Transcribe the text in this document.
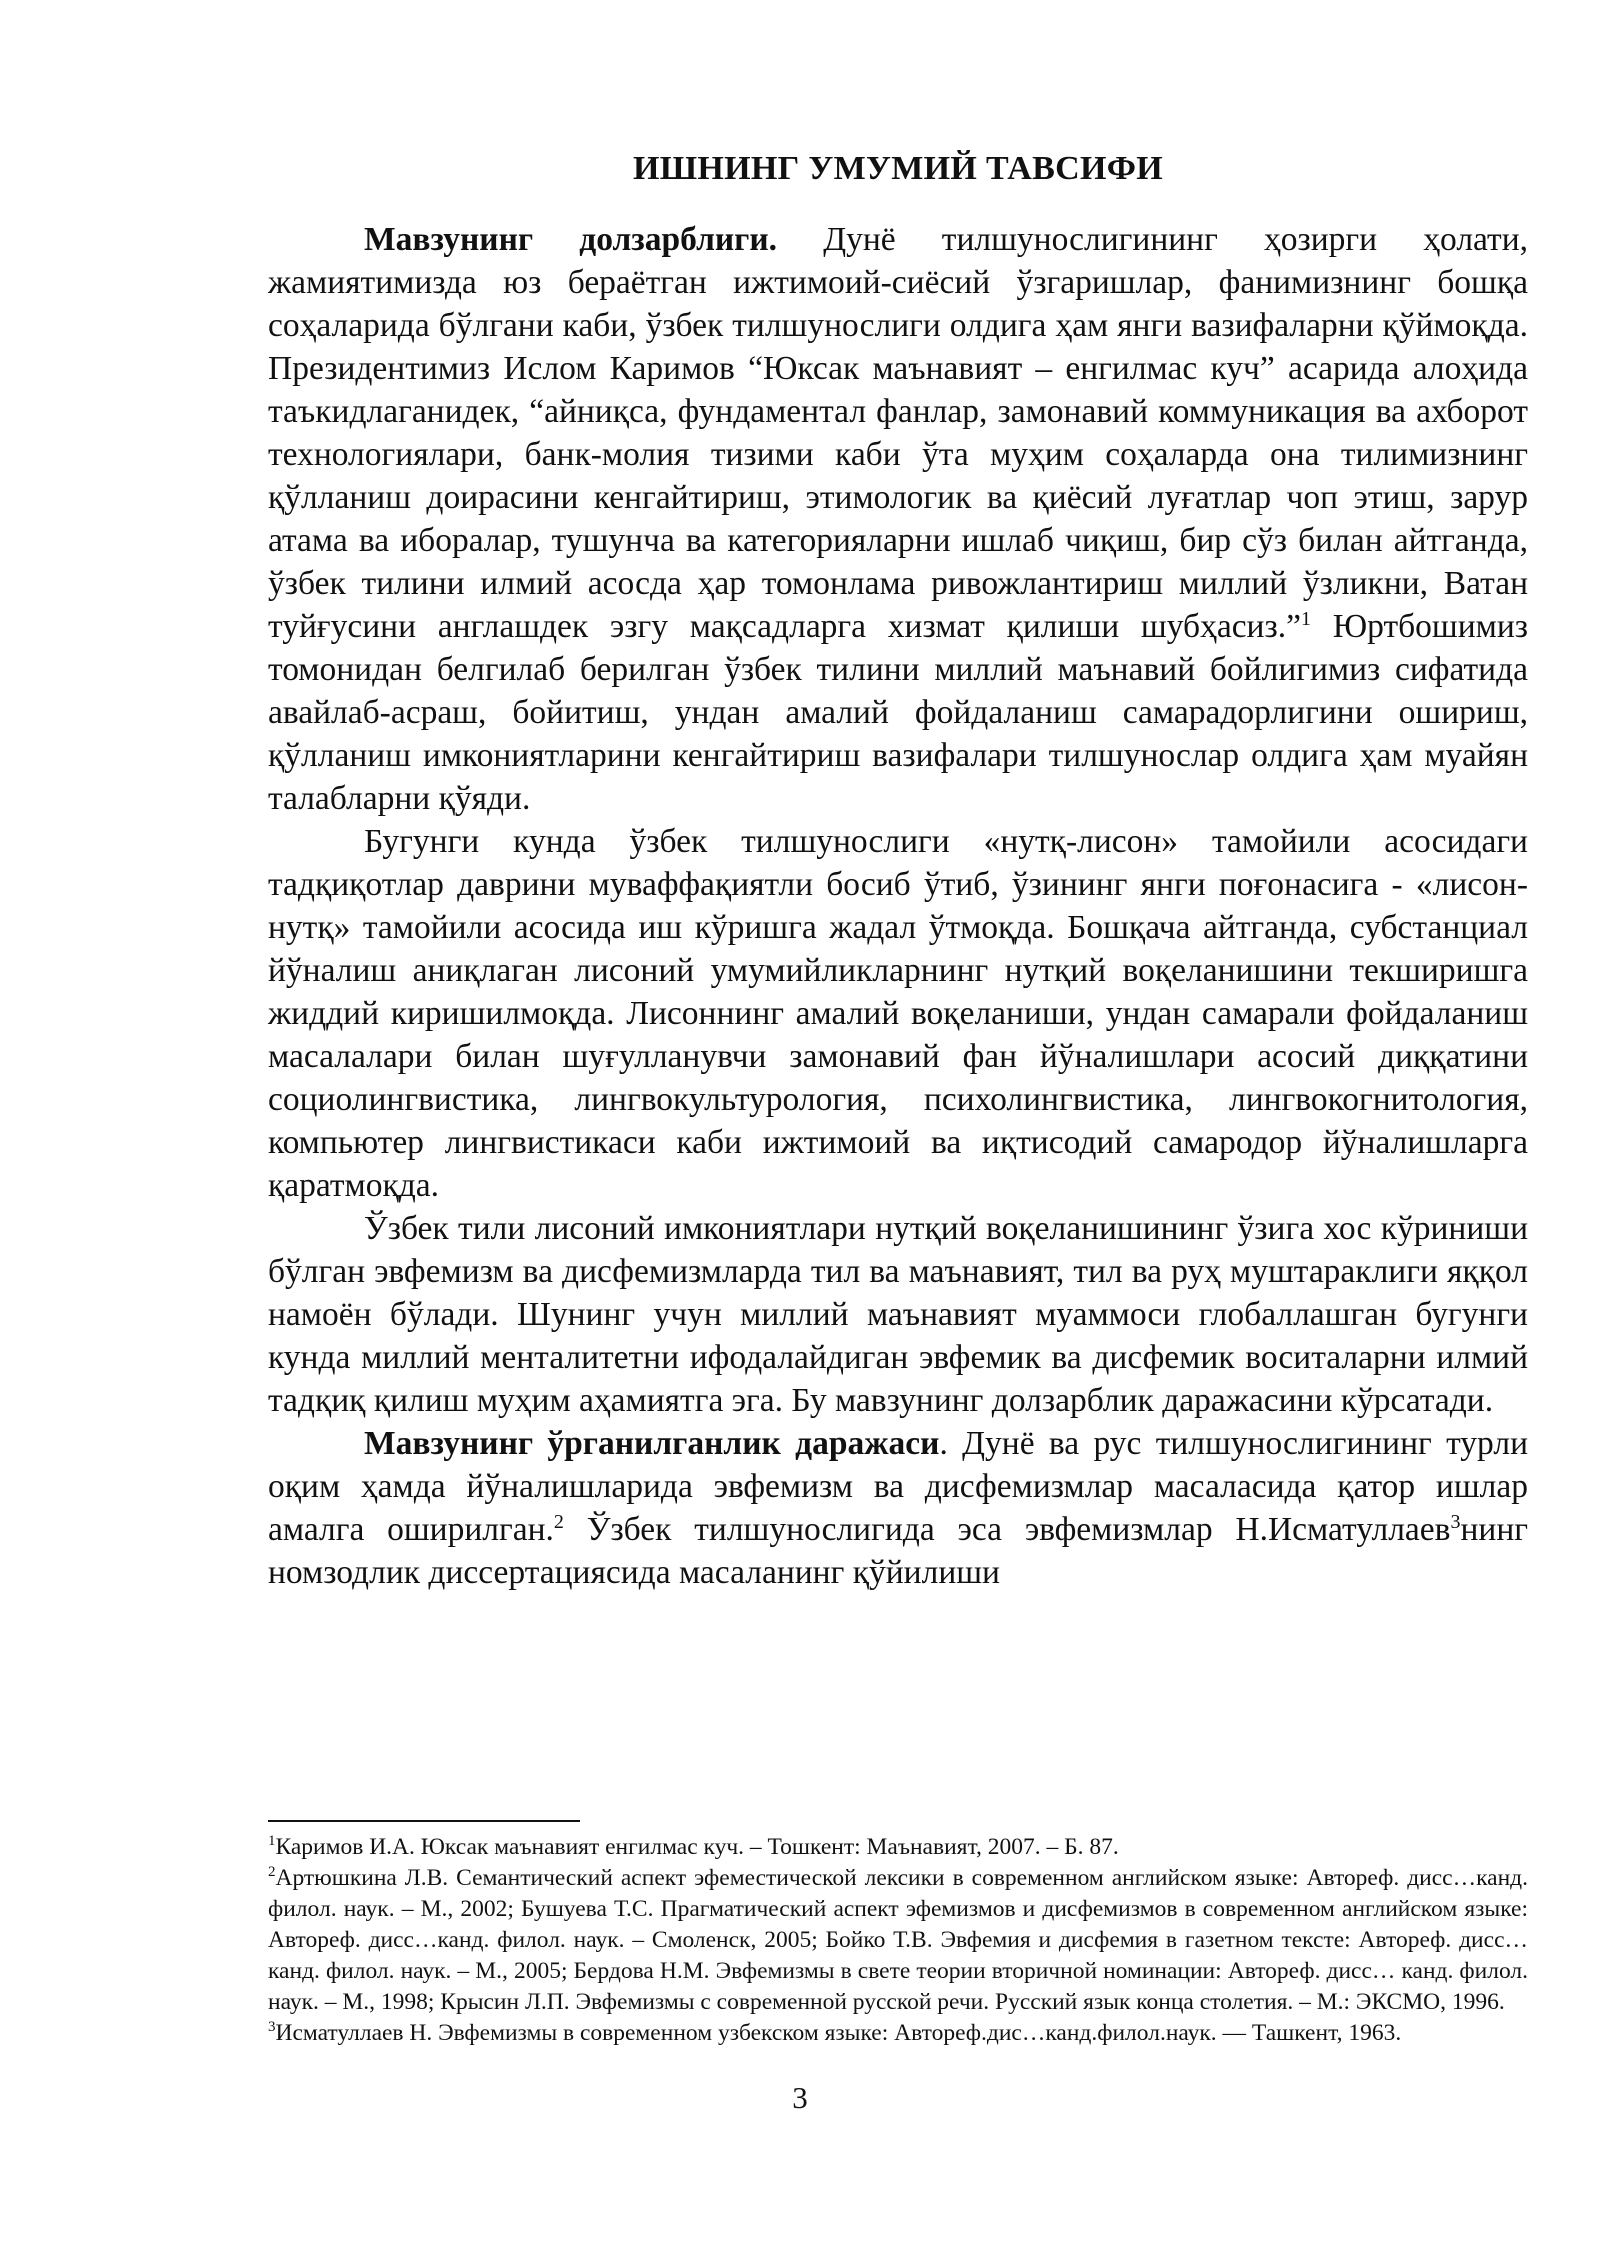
ИШНИНГ УМУМИЙ ТАВСИФИ

Мавзунинг долзарблиги. Дунё тилшунослигининг ҳозирги ҳолати, жамиятимизда юз бераётган ижтимоий-сиёсий ўзгаришлар, фанимизнинг бошқа соҳаларида бўлгани каби, ўзбек тилшунослиги олдига ҳам янги вазифаларни қўймоқда. Президентимиз Ислом Каримов “Юксак маънавият – енгилмас куч” асарида алоҳида таъкидлаганидек, “айниқса, фундаментал фанлар, замонавий коммуникация ва ахборот технологиялари, банк-молия тизими каби ўта муҳим соҳаларда она тилимизнинг қўлланиш доирасини кенгайтириш, этимологик ва қиёсий луғатлар чоп этиш, зарур атама ва иборалар, тушунча ва категорияларни ишлаб чиқиш, бир сўз билан айтганда, ўзбек тилини илмий асосда ҳар томонлама ривожлантириш миллий ўзликни, Ватан туйғусини англашдек эзгу мақсадларга хизмат қилиши шубҳасиз.”$^1$ Юртбошимиз томонидан белгилаб берилган ўзбек тилини миллий маънавий бойлигимиз сифатида авайлаб-асраш, бойитиш, ундан амалий фойдаланиш самарадорлигини ошириш, қўлланиш имкониятларини кенгайтириш вазифалари тилшунослар олдига ҳам муайян талабларни қўяди.

Бугунги кунда ўзбек тилшунослиги «нутқ-лисон» тамойили асосидаги тадқиқотлар даврини муваффақиятли босиб ўтиб, ўзининг янги поғонасига - «лисон-нутқ» тамойили асосида иш кўришга жадал ўтмоқда. Бошқача айтганда, субстанциал йўналиш аниқлаган лисоний умумийликларнинг нутқий воқеланишини текширишга жиддий киришилмоқда. Лисоннинг амалий воқеланиши, ундан самарали фойдаланиш масалалари билан шуғулланувчи замонавий фан йўналишлари асосий диққатини социолингвистика, лингвокультурология, психолингвистика, лингвокогнитология, компьютер лингвистикаси каби ижтимоий ва иқтисодий самародор йўналишларга қаратмоқда.

Ўзбек тили лисоний имкониятлари нутқий воқеланишининг ўзига хос кўриниши бўлган эвфемизм ва дисфемизмларда тил ва маънавият, тил ва руҳ муштараклиги яққол намоён бўлади. Шунинг учун миллий маънавият муаммоси глобаллашган бугунги кунда миллий менталитетни ифодалайдиган эвфемик ва дисфемик воситаларни илмий тадқиқ қилиш муҳим аҳамиятга эга. Бу мавзунинг долзарблик даражасини кўрсатади.

Мавзунинг ўрганилганлик даражаси. Дунё ва рус тилшунослигининг турли оқим ҳамда йўналишларида эвфемизм ва дисфемизмлар масаласида қатор ишлар амалга оширилган.$^2$ Ўзбек тилшунослигида эса эвфемизмлар Н.Исматуллаев$^3$нинг номзодлик диссертациясида масаланинг қўйилиши

$^1$Каримов И.А. Юксак маънавият енгилмас куч. – Тошкент: Маънавият, 2007. – Б. 87.

$^2$Артюшкина Л.В. Семантический аспект эфеместической лексики в современном английском языке: Автореф. дисс…канд. филол. наук. – М., 2002; Бушуева Т.С. Прагматический аспект эфемизмов и дисфемизмов в современном английском языке: Автореф. дисс…канд. филол. наук. – Смоленск, 2005; Бойко Т.В. Эвфемия и дисфемия в газетном тексте: Автореф. дисс…канд. филол. наук. – М., 2005; Бердова Н.М. Эвфемизмы в свете теории вторичной номинации: Автореф. дисс… канд. филол. наук. – М., 1998; Крысин Л.П. Эвфемизмы с современной русской речи. Русский язык конца столетия. – М.: ЭКСМО, 1996.

$^3$Исматуллаев Н. Эвфемизмы в современном узбекском языке: Автореф.дис…канд.филол.наук. — Ташкент, 1963.

3
